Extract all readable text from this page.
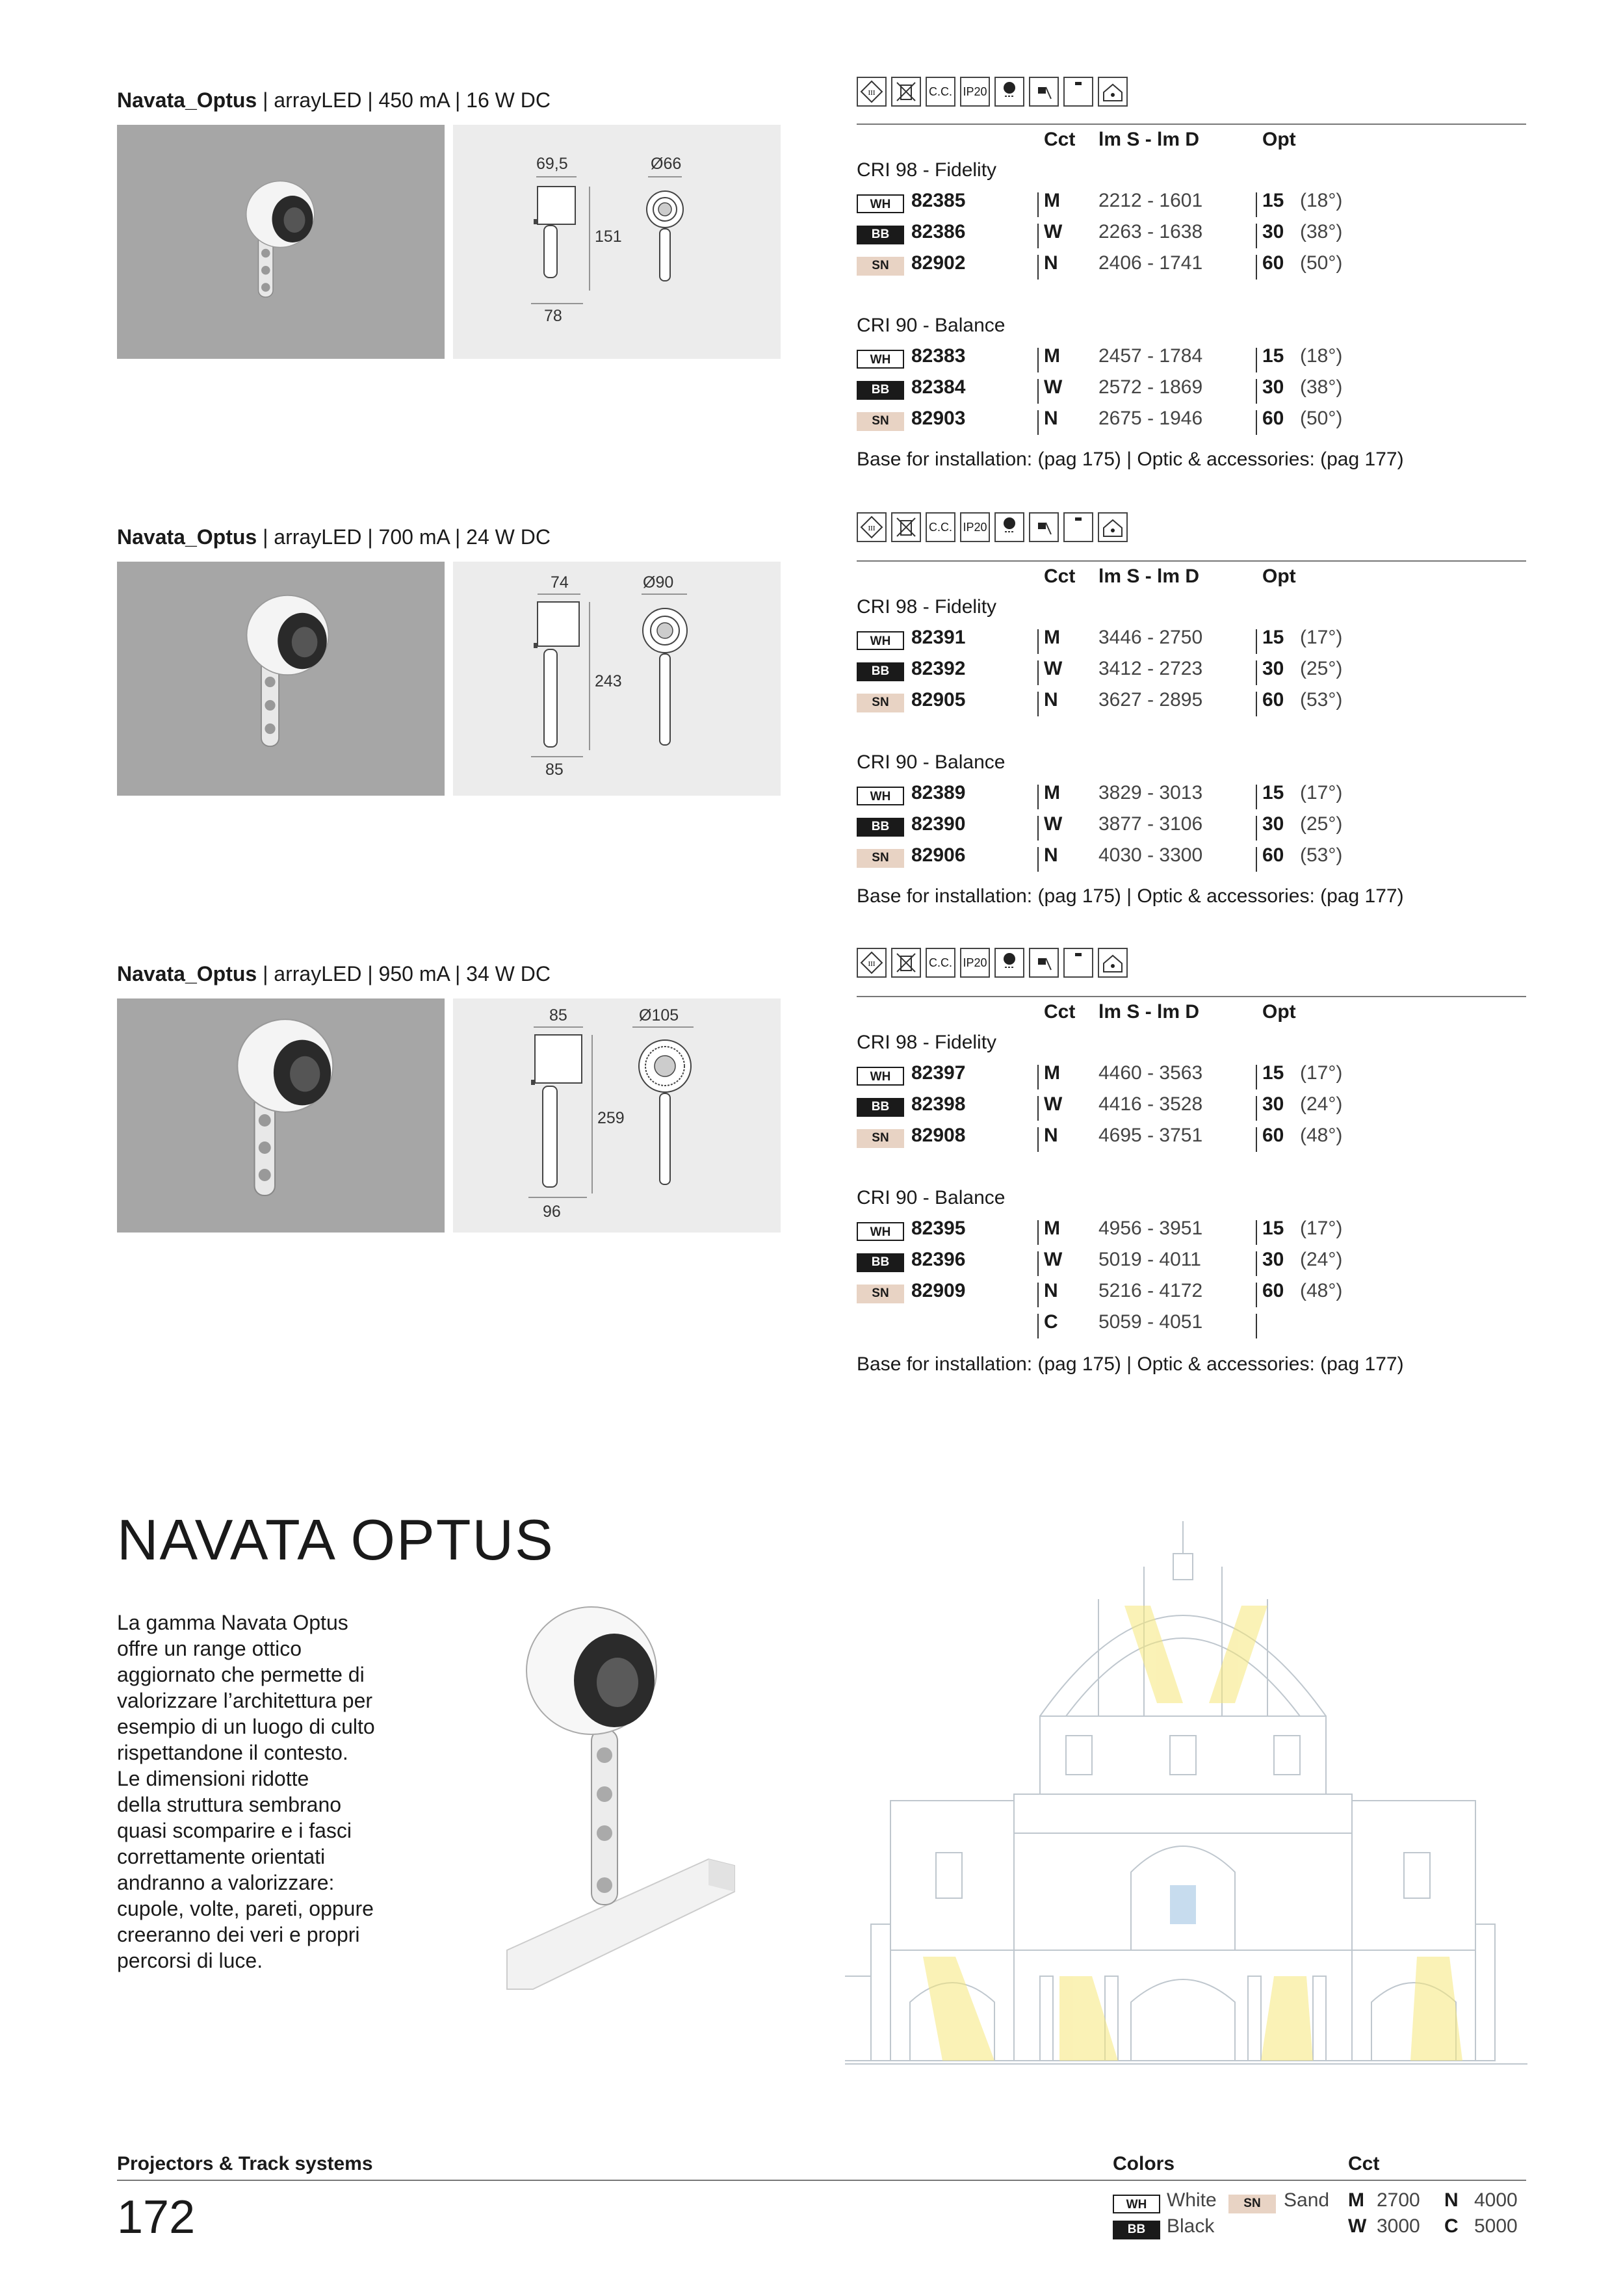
Navata_Optus | arrayLED | 450 mA | 16 W DC
69,5	Ø66
151
78
III	C.C. IP20
Cct lm S - lm D	Opt
CRI 98 - Fidelity
WH	82385	M 2212 - 1601	15 (18°)
BB	82386	W 2263 - 1638	30 (38°)
SN	82902	N 2406 - 1741	60 (50°)
CRI 90 - Balance
WH	82383	M 2457 - 1784	15 (18°)
BB	82384	W 2572 - 1869	30 (38°)
SN	82903	N 2675 - 1946	60 (50°)
Base for installation: (pag 175) | Optic & accessories: (pag 177)
Navata_Optus | arrayLED | 700 mA | 24 W DC
74	Ø90
243
85
III	C.C. IP20
Cct lm S - lm D	Opt
CRI 98 - Fidelity
WH	82391	M 3446 - 2750	15 (17°)
BB	82392	W 3412 - 2723	30 (25°)
SN	82905	N 3627 - 2895	60 (53°)
CRI 90 - Balance
WH	82389	M 3829 - 3013	15 (17°)
BB	82390	W 3877 - 3106	30 (25°)
SN	82906	N 4030 - 3300	60 (53°)
Base for installation: (pag 175) | Optic & accessories: (pag 177)
Navata_Optus | arrayLED | 950 mA | 34 W DC
85	Ø105
259
96
III	C.C. IP20
Cct lm S - lm D	Opt
CRI 98 - Fidelity
WH	82397	M 4460 - 3563	15 (17°)
BB	82398	W 4416 - 3528	30 (24°)
SN	82908	N 4695 - 3751	60 (48°)
CRI 90 - Balance
WH	82395	M 4956 - 3951	15 (17°)
BB	82396	W 5019 - 4011	30 (24°)
SN	82909	N 5216 - 4172	60 (48°)
C 5059 - 4051
Base for installation: (pag 175) | Optic & accessories: (pag 177)
NAVATA OPTUS
La gamma Navata Optus
offre un range ottico
aggiornato che permette di
valorizzare l’architettura per
esempio di un luogo di culto
rispettandone il contesto.
Le dimensioni ridotte
della struttura sembrano
quasi scomparire e i fasci
correttamente orientati
andranno a valorizzare:
cupole, volte, pareti, oppure
creeranno dei veri e propri
percorsi di luce.
Projectors & Track systems
172
Colors	Cct
WH	White	SN	Sand
BB	Black
M 2700 N 4000
W 3000 C 5000
